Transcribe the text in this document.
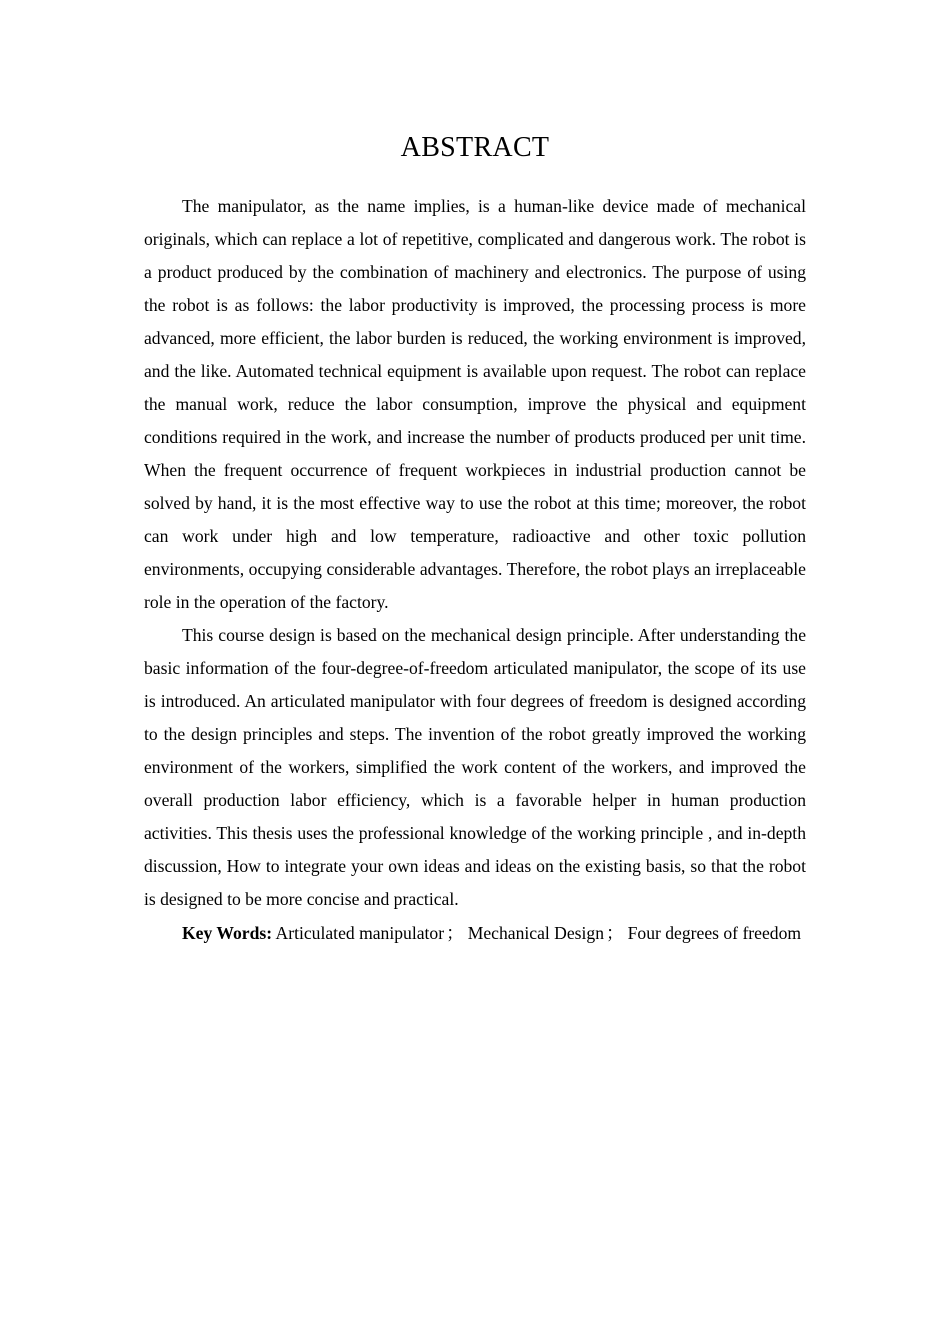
ABSTRACT

The manipulator, as the name implies, is a human-like device made of mechanical originals, which can replace a lot of repetitive, complicated and dangerous work. The robot is a product produced by the combination of machinery and electronics. The purpose of using the robot is as follows: the labor productivity is improved, the processing process is more advanced, more efficient, the labor burden is reduced, the working environment is improved, and the like. Automated technical equipment is available upon request. The robot can replace the manual work, reduce the labor consumption, improve the physical and equipment conditions required in the work, and increase the number of products produced per unit time. When the frequent occurrence of frequent workpieces in industrial production cannot be solved by hand, it is the most effective way to use the robot at this time; moreover, the robot can work under high and low temperature, radioactive and other toxic pollution environments, occupying considerable advantages. Therefore, the robot plays an irreplaceable role in the operation of the factory.

This course design is based on the mechanical design principle. After understanding the basic information of the four-degree-of-freedom articulated manipulator, the scope of its use is introduced. An articulated manipulator with four degrees of freedom is designed according to the design principles and steps. The invention of the robot greatly improved the working environment of the workers, simplified the work content of the workers, and improved the overall production labor efficiency, which is a favorable helper in human production activities. This thesis uses the professional knowledge of the working principle , and in-depth discussion, How to integrate your own ideas and ideas on the existing basis, so that the robot is designed to be more concise and practical.

Key Words: Articulated manipulator ； Mechanical Design ； Four degrees of freedom
